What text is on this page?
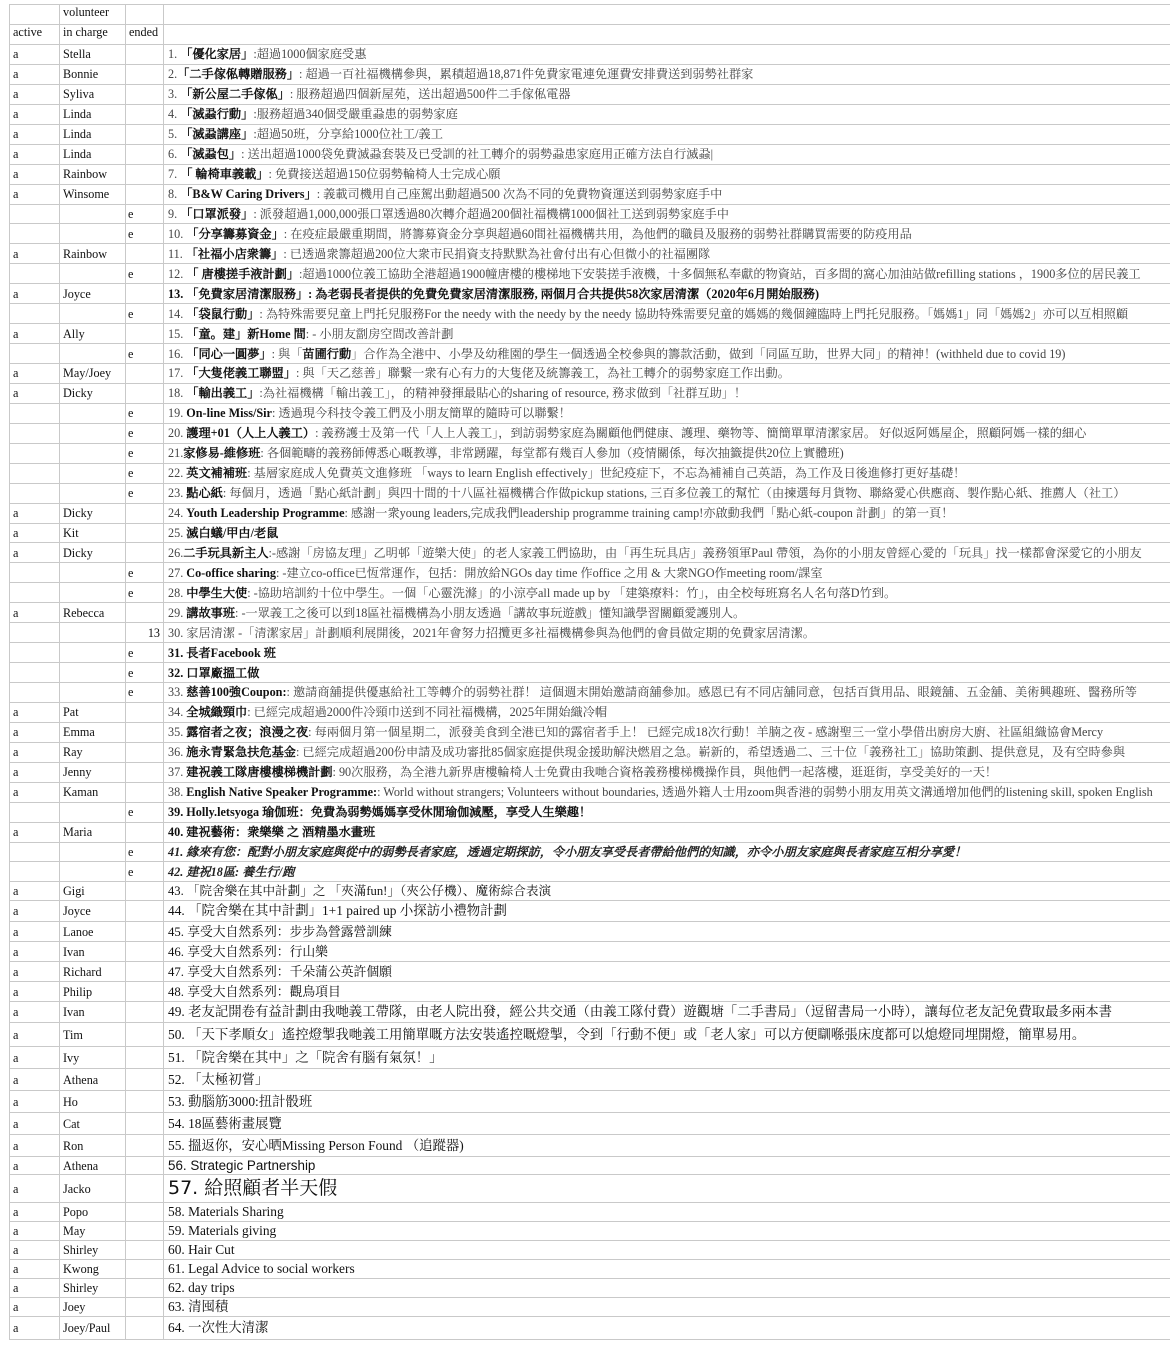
	volunteer		
active	in charge	ended	
a	Stella		1. 「優化家居」:超過1000個家庭受惠
a	Bonnie		2.「二手傢俬轉贈服務」: 超過一百社福機構參與，累積超過18,871件免費家電連免運費安排費送到弱勢社群家
a	Syliva		3. 「新公屋二手傢俬」: 服務超過四個新屋苑，送出超過500件二手傢俬電器
a	Linda		4. 「滅蝨行動」:服務超過340個受嚴重蝨患的弱勢家庭
a	Linda		5. 「滅蝨講座」:超過50班，分享給1000位社工/義工
a	Linda		6. 「滅蝨包」: 送出超過1000袋免費滅蝨套裝及已受訓的社工轉介的弱勢蝨患家庭用正確方法自行滅蝨|
a	Rainbow		7. 「 輪椅車義載」: 免費接送超過150位弱勢輪椅人士完成心願
a	Winsome		8. 「B&W Caring Drivers」: 義載司機用自己座駕出動超過500 次為不同的免費物資運送到弱勢家庭手中
		e	9. 「口罩派發」: 派發超過1,000,000張口罩透過80次轉介超過200個社福機構1000個社工送到弱勢家庭手中
		e	10. 「分享籌募資金」: 在疫症最嚴重期間，將籌募資金分享與超過60間社福機構共用，為他們的職員及服務的弱勢社群購買需要的防疫用品
a	Rainbow		11. 「社福小店衆籌」: 已透過衆籌超過200位大衆市民捐資支持默默為社會付出有心但微小的社福團隊
		e	12. 「 唐樓搓手液計劃」:超過1000位義工協助全港超過1900幢唐樓的樓梯地下安裝搓手液機，十多個無私奉獻的物資站，百多間的窩心加油站做refilling stations ，1900多位的居民義工
a	Joyce		13. 「免費家居清潔服務」: 為老弱長者提供的免費免費家居清潔服務, 兩個月合共提供58次家居清潔（2020年6月開始服務)
		e	14. 「袋鼠行動」: 為特殊需要兒童上門托兒服務For the needy with the needy by the needy 協助特殊需要兒童的媽媽的幾個鐘臨時上門托兒服務。「媽媽1」同「媽媽2」亦可以互相照顧
a	Ally		15. 「童。建」新Home 間: - 小朋友劏房空間改善計劃
		e	16. 「同心一圓夢」: 與「苗圃行動」合作為全港中、小學及幼稚園的學生一個透過全校參與的籌款活動，做到「同區互助，世界大同」的精神！(withheld due to covid 19)
a	May/Joey		17. 「大隻佬義工聯盟」: 與「天乙慈善」聯繫一衆有心有力的大隻佬及統籌義工，為社工轉介的弱勢家庭工作出動。
a	Dicky		18. 「輸出義工」:為社福機構「輸出義工」，的精神發揮最貼心的sharing of resource, 務求做到「社群互助」！
		e	19. On-line Miss/Sir: 透過現今科技令義工們及小朋友簡單的隨時可以聯繫！
		e	20. 護理+01（人上人義工）: 義務護士及第一代「人上人義工」，到訪弱勢家庭為關顧他們健康、護理、藥物等、簡簡單單清潔家居。 好似返阿媽屋企，照顧阿媽一樣的細心
		e	21.家修易-維修班: 各個範疇的義務師傅悉心嘅教導，非常踴躍，每堂都有幾百人參加（疫情關係，每次抽籤提供20位上實體班)
		e	22. 英文補補班: 基層家庭成人免費英文進修班 「ways to learn English effectively」世紀疫症下，不忘為補補自己英語，為工作及日後進修打更好基礎！
		e	23. 點心紙: 每個月，透過「點心紙計劃」與四十間的十八區社福機構合作做pickup stations, 三百多位義工的幫忙（由揀選每月貨物、聯絡愛心供應商、製作點心紙、推薦人（社工）
a	Dicky		24. Youth Leadership Programme: 感謝一衆young leaders,完成我們leadership programme training camp!亦啟動我們「點心紙-coupon 計劃」的第一頁！
a	Kit		25. 滅白蟻/甲甴/老鼠
a	Dicky		26.二手玩具新主人:-感謝「房協友理」乙明邨「遊樂大使」的老人家義工們協助，由「再生玩具店」義務領軍Paul 帶領，為你的小朋友曾經心愛的「玩具」找一樣都會深愛它的小朋友
		e	27. Co-office sharing: -建立co-office已恆常運作，包括：開放給NGOs day time 作office 之用 & 大衆NGO作meeting room/課室
		e	28. 中學生大使: -協助培訓約十位中學生。一個「心靈洗滌」的小涼亭all made up by 「建築療料：竹」，由全校每班寫名人名句落D竹到。
a	Rebecca		29. 講故事班: -一眾義工之後可以到18區社福機構為小朋友透過「講故事玩遊戲」懂知識學習關顧愛護別人。
		13	30. 家居清潔 -「清潔家居」計劃順利展開後，2021年會努力招攬更多社福機構參與為他們的會員做定期的免費家居清潔。
		e	31. 長者Facebook 班
		e	32. 口罩廠搵工做
		e	33. 慈善100強Coupon:: 邀請商舖提供優惠給社工等轉介的弱勢社群！ 這個週末開始邀請商舖參加。感恩已有不同店舖同意，包括百貨用品、眼鏡舖、五金舖、美術興趣班、醫務所等
a	Pat		34. 全城織頸巾: 已經完成超過2000件冷頸巾送到不同社福機構，2025年開始織冷帽
a	Emma		35. 露宿者之夜；浪漫之夜: 每兩個月第一個星期二，派發美食到全港已知的露宿者手上！ 已經完成18次行動！羊腩之夜 - 感謝聖三一堂小學借出廚房大廚、社區組織協會Mercy
a	Ray		36. 施永青緊急扶危基金: 已經完成超過200份申請及成功審批85個家庭提供現金援助解決燃眉之急。嶄新的，希望透過二、三十位「義務社工」協助策劃、提供意見，及有空時參與
a	Jenny		37. 建祝義工隊唐樓樓梯機計劃: 90次服務，為全港九新界唐樓輪椅人士免費由我哋合資格義務樓梯機操作員，與他們一起落樓，逛逛街，享受美好的一天！
a	Kaman		38. English Native Speaker Programme:: World without strangers; Volunteers without boundaries, 透過外籍人士用zoom與香港的弱勢小朋友用英文溝通增加他們的listening skill, spoken English
		e	39. Holly.letsyoga 瑜伽班：免費為弱勢媽媽享受休閒瑜伽減壓，享受人生樂趣！
a	Maria		40. 建祝藝術：衆樂樂 之 酒精墨水畫班
		e	41. 緣來有您：配對小朋友家庭與從中的弱勢長者家庭，透過定期探訪，令小朋友享受長者帶給他們的知識，亦令小朋友家庭與長者家庭互相分享愛！
		e	42. 建祝18區: 養生行/跑
a	Gigi		43. 「院舍樂在其中計劃」之 「夾滿fun!」（夾公仔機）、魔術綜合表演
a	Joyce		44. 「院舍樂在其中計劃」1+1 paired up 小探訪小禮物計劃
a	Lanoe		45. 享受大自然系列：步步為營露營訓練
a	Ivan		46. 享受大自然系列：行山樂
a	Richard		47. 享受大自然系列：千朵蒲公英許個願
a	Philip		48. 享受大自然系列：觀鳥項目
a	Ivan		49. 老友記開卷有益計劃由我哋義工帶隊，由老人院出發，經公共交通（由義工隊付費）遊觀塘「二手書局」（逗留書局一小時），讓每位老友記免費取最多兩本書
a	Tim		50. 「天下孝順女」遙控燈掣我哋義工用簡單嘅方法安裝遙控嘅燈掣，令到「行動不便」或「老人家」可以方便瞓喺張床度都可以熄燈同埋開燈，簡單易用。
a	Ivy		51. 「院舍樂在其中」之「院舍有腦有氣氛！」
a	Athena		52. 「太極初嘗」
a	Ho		53. 動腦筋3000:扭計骰班
a	Cat		54. 18區藝術畫展覽
a	Ron		55. 搵返你，安心晒Missing Person Found （追蹤器)
a	Athena		56. Strategic Partnership
a	Jacko		57. 給照顧者半天假
a	Popo		58. Materials Sharing
a	May		59. Materials giving
a	Shirley		60. Hair Cut
a	Kwong		61. Legal Advice to social workers
a	Shirley		62. day trips
a	Joey		63. 清囤積
a	Joey/Paul		64. 一次性大清潔
